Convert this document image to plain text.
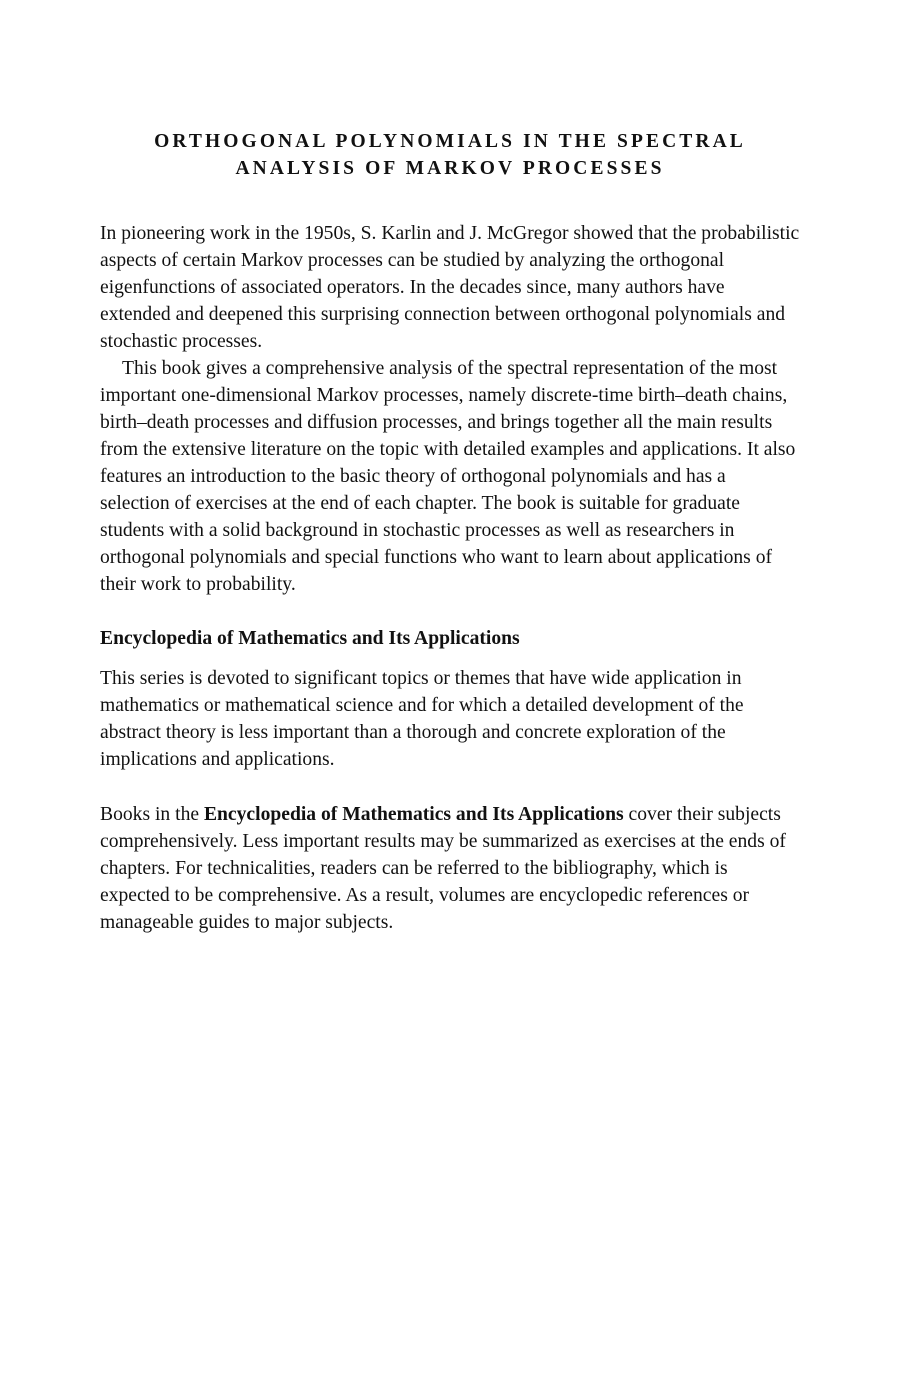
ORTHOGONAL POLYNOMIALS IN THE SPECTRAL
ANALYSIS OF MARKOV PROCESSES

In pioneering work in the 1950s, S. Karlin and J. McGregor showed that the probabilistic aspects of certain Markov processes can be studied by analyzing the orthogonal eigenfunctions of associated operators. In the decades since, many authors have extended and deepened this surprising connection between orthogonal polynomials and stochastic processes.

This book gives a comprehensive analysis of the spectral representation of the most important one-dimensional Markov processes, namely discrete-time birth–death chains, birth–death processes and diffusion processes, and brings together all the main results from the extensive literature on the topic with detailed examples and applications. It also features an introduction to the basic theory of orthogonal polynomials and has a selection of exercises at the end of each chapter. The book is suitable for graduate students with a solid background in stochastic processes as well as researchers in orthogonal polynomials and special functions who want to learn about applications of their work to probability.

Encyclopedia of Mathematics and Its Applications

This series is devoted to significant topics or themes that have wide application in mathematics or mathematical science and for which a detailed development of the abstract theory is less important than a thorough and concrete exploration of the implications and applications.

Books in the Encyclopedia of Mathematics and Its Applications cover their subjects comprehensively. Less important results may be summarized as exercises at the ends of chapters. For technicalities, readers can be referred to the bibliography, which is expected to be comprehensive. As a result, volumes are encyclopedic references or manageable guides to major subjects.
